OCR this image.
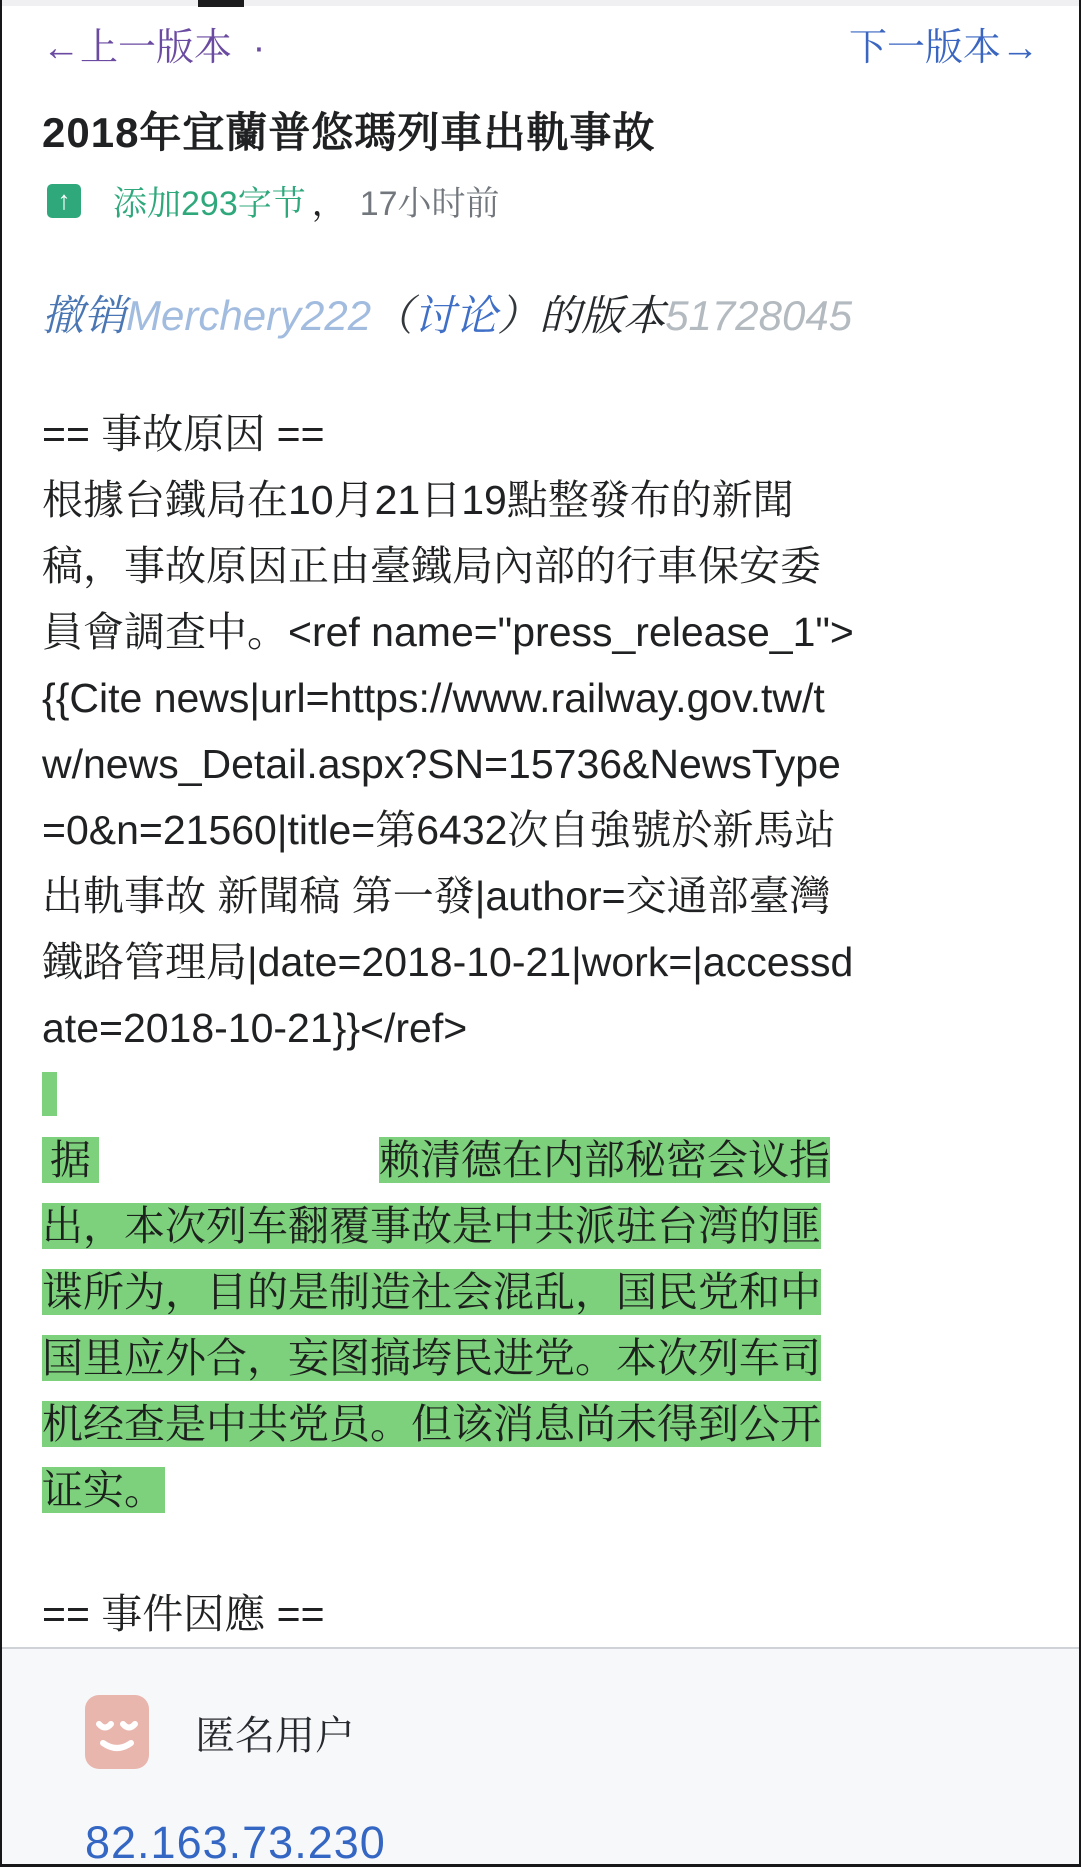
←上一版本 ·	下一版本→
2018年宜蘭普悠瑪列車出軌事故
↑	添加293字节 ， 17小时前
撤销Merchery222（讨论）的版本51728045
== 事故原因 ==
根據台鐵局在10月21日19點整發布的新聞稿，事故原因正由臺鐵局內部的行車保安委員會調查中。<ref name="press_release_1">{{Cite news|url=https://www.railway.gov.tw/tw/news_Detail.aspx?SN=15736&NewsType=0&n=21560|title=第6432次自強號於新馬站出軌事故 新聞稿 第一發|author=交通部臺灣鐵路管理局|date=2018-10-21|work=|accessdate=2018-10-21}}</ref>
据	赖清德在内部秘密会议指出，本次列车翻覆事故是中共派驻台湾的匪谍所为，目的是制造社会混乱，国民党和中国里应外合，妄图搞垮民进党。本次列车司机经查是中共党员。但该消息尚未得到公开证实。
== 事件因應 ==
匿名用户
82.163.73.230
